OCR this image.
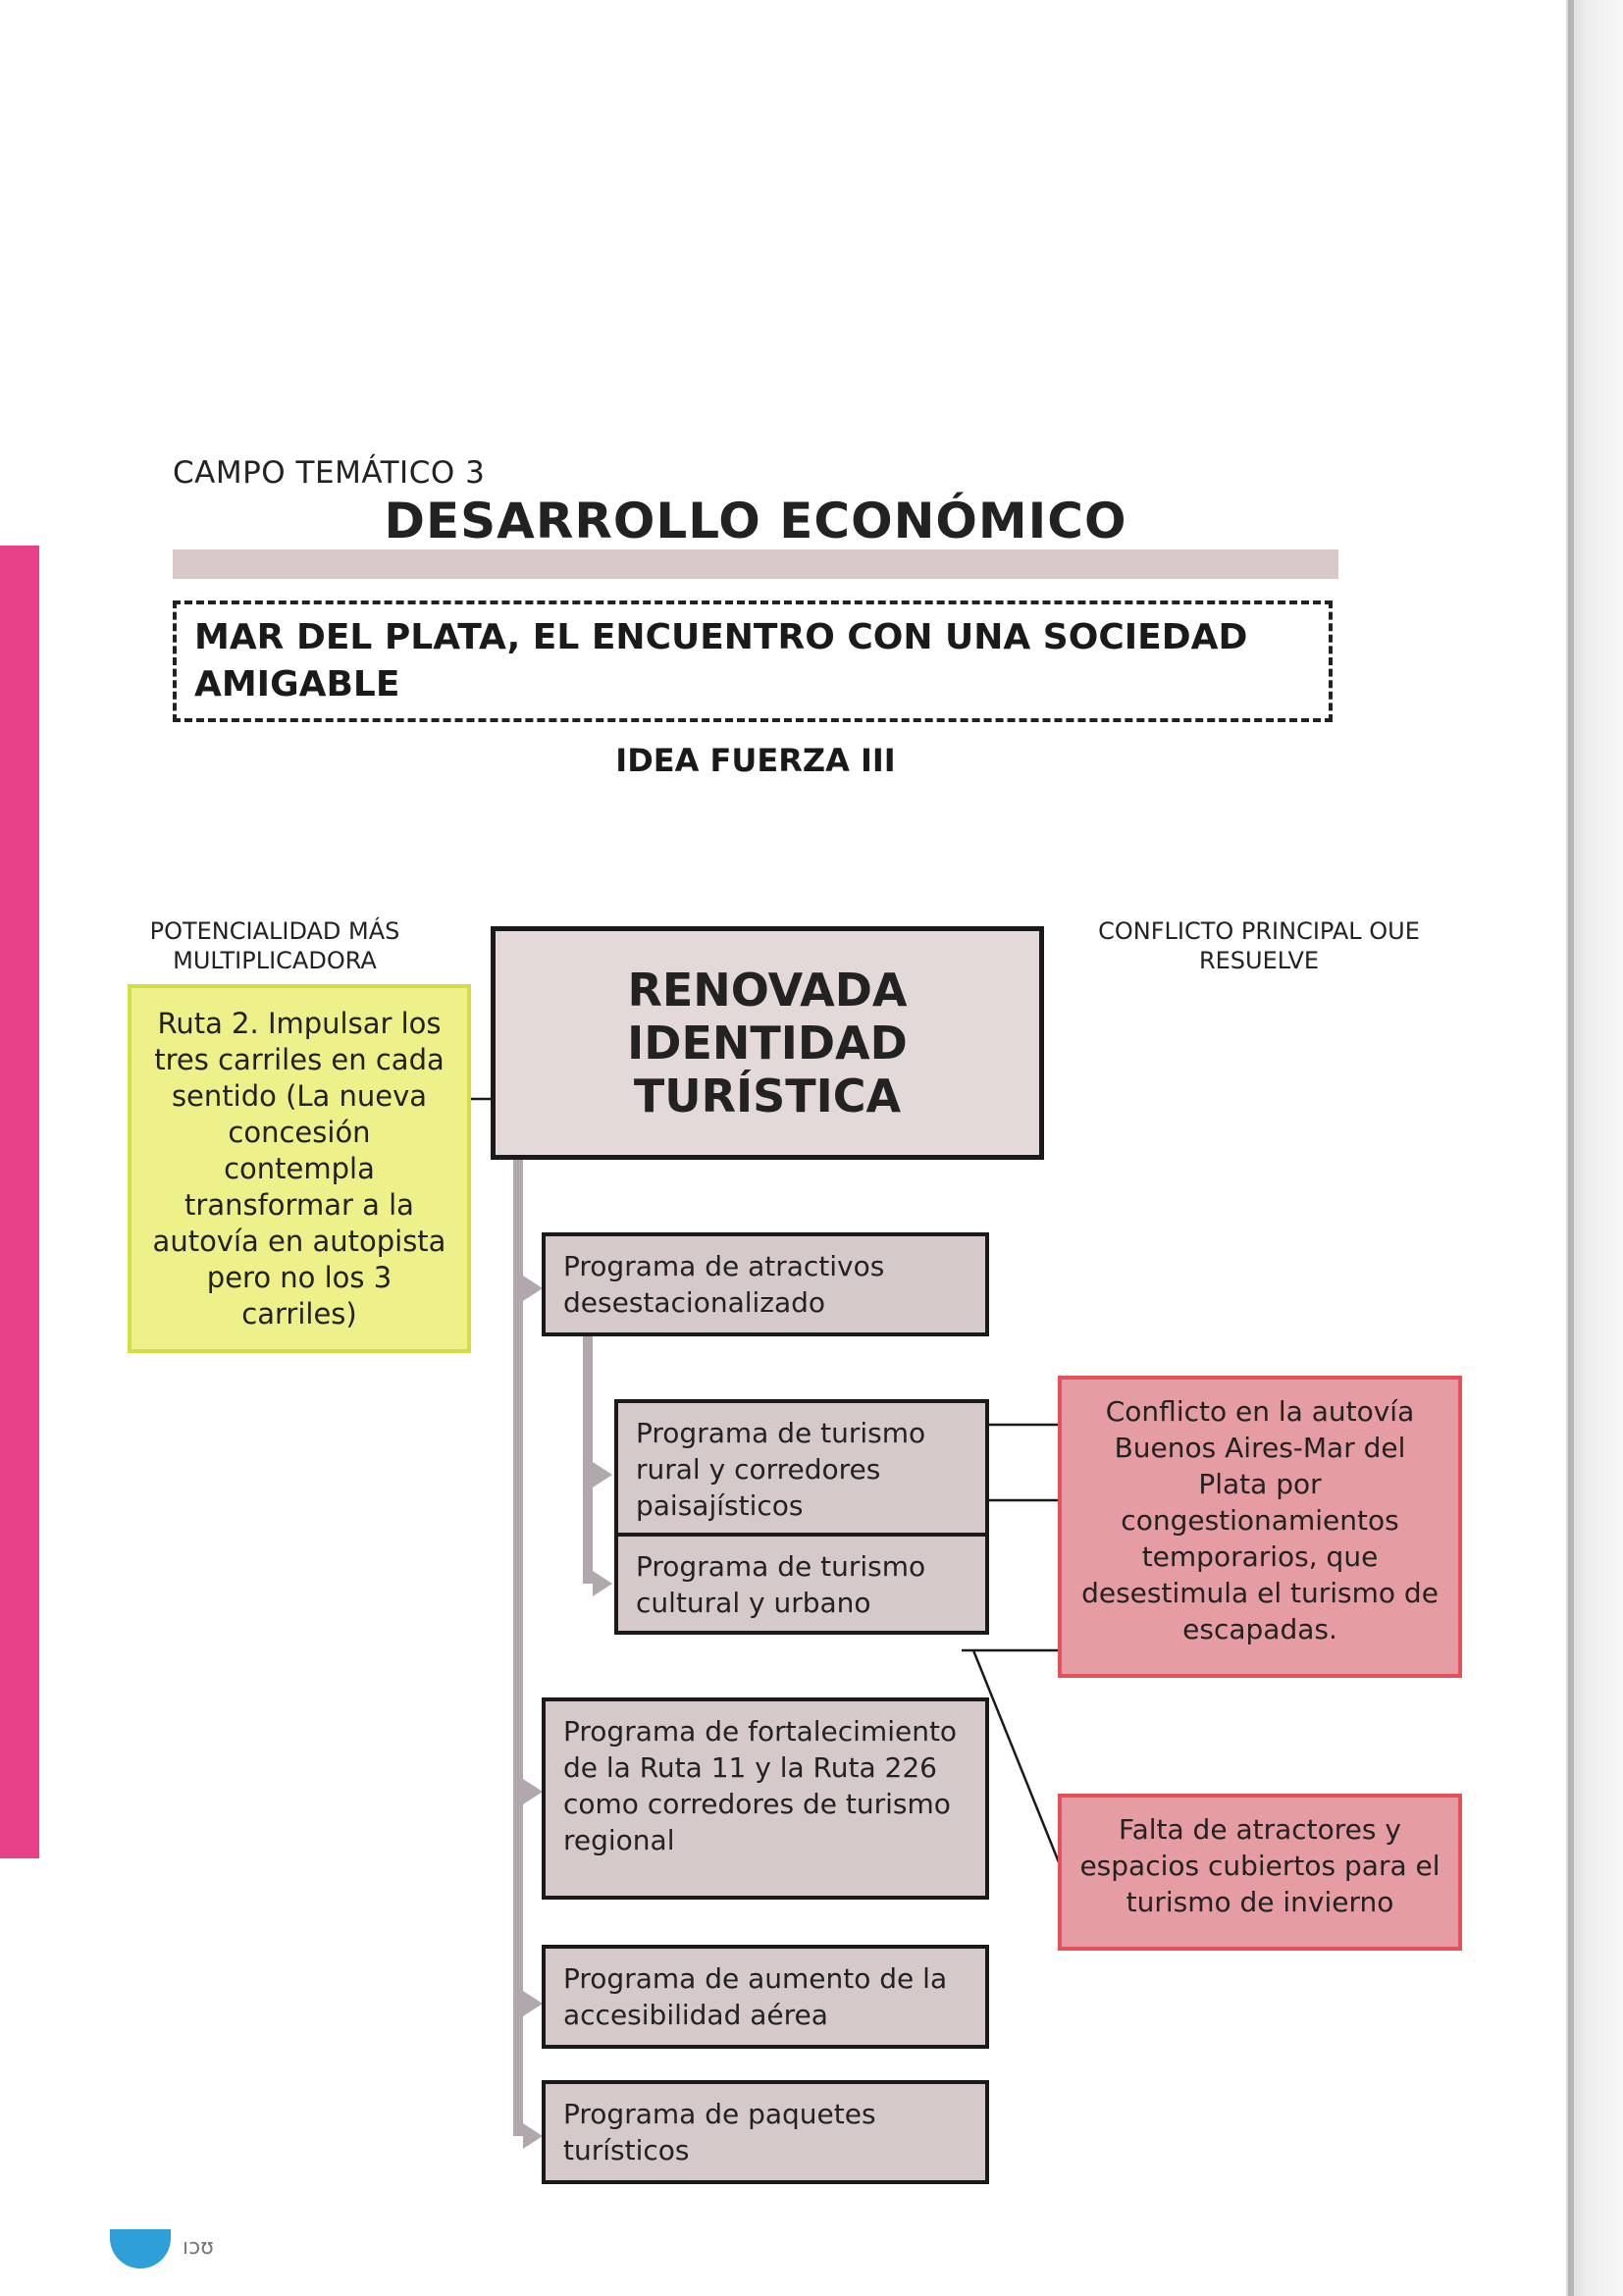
CAMPO TEMÁTICO 3
DESARROLLO ECONÓMICO
MAR DEL PLATA, EL ENCUENTRO CON UNA SOCIEDAD AMIGABLE
IDEA FUERZA III
POTENCIALIDAD MÁS MULTIPLICADORA
CONFLICTO PRINCIPAL OUE RESUELVE
Ruta 2. Impulsar los tres carriles en cada sentido (La nueva concesión contempla transformar a la autovía en autopista pero no los 3 carriles)
RENOVADA IDENTIDAD TURÍSTICA
Programa de atractivos desestacionalizado
Programa de turismo rural y corredores paisajísticos
Programa de turismo cultural y urbano
Programa de fortalecimiento de la Ruta 11 y la Ruta 226 como corredores de turismo regional
Programa de aumento de la accesibilidad aérea
Programa de paquetes turísticos
Conflicto en la autovía Buenos Aires-Mar del Plata por congestionamientos temporarios, que desestimula el turismo de escapadas.
Falta de atractores y espacios cubiertos para el turismo de invierno
ıɔʊ
